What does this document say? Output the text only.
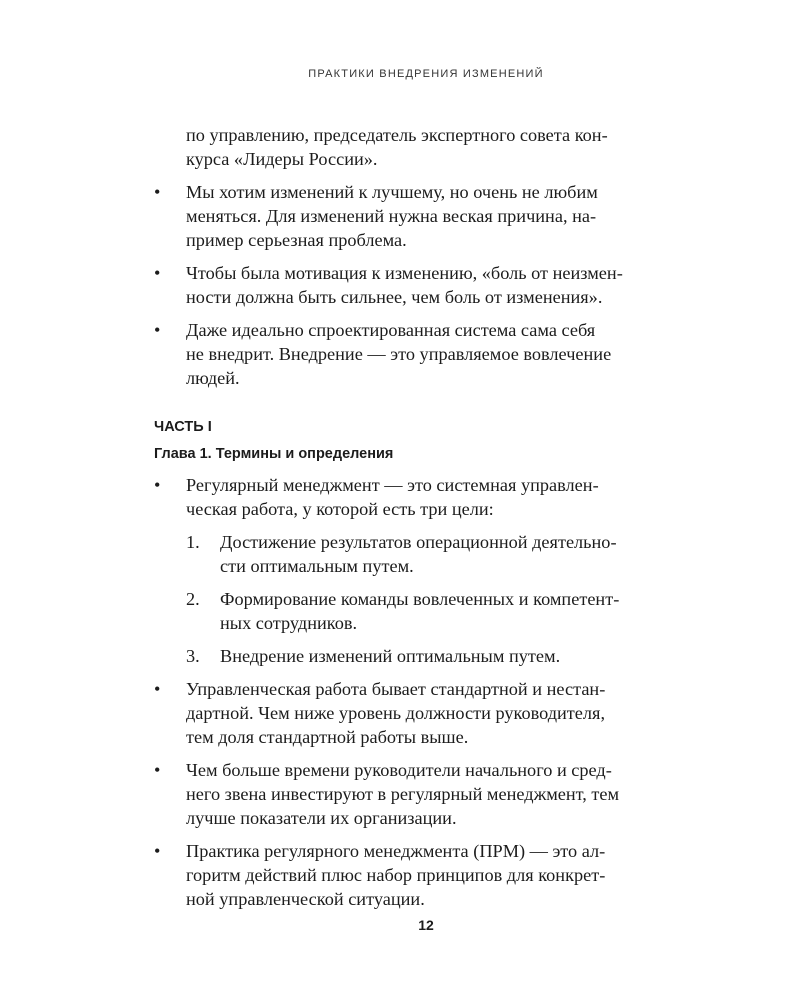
ПРАКТИКИ ВНЕДРЕНИЯ ИЗМЕНЕНИЙ
по управлению, председатель экспертного совета кон-
курса «Лидеры России».
• Мы хотим изменений к лучшему, но очень не любим
меняться. Для изменений нужна веская причина, на-
пример серьезная проблема.
• Чтобы была мотивация к изменению, «боль от неизмен-
ности должна быть сильнее, чем боль от изменения».
• Даже идеально спроектированная система сама себя
не внедрит. Внедрение — это управляемое вовлечение
людей.
ЧАСТЬ I
Глава 1. Термины и определения
• Регулярный менеджмент — это системная управлен-
ческая работа, у которой есть три цели:
1. Достижение результатов операционной деятельно-
сти оптимальным путем.
2. Формирование команды вовлеченных и компетент-
ных сотрудников.
3. Внедрение изменений оптимальным путем.
• Управленческая работа бывает стандартной и нестан-
дартной. Чем ниже уровень должности руководителя,
тем доля стандартной работы выше.
• Чем больше времени руководители начального и сред-
него звена инвестируют в регулярный менеджмент, тем
лучше показатели их организации.
• Практика регулярного менеджмента (ПРМ) — это ал-
горитм действий плюс набор принципов для конкрет-
ной управленческой ситуации.
12
